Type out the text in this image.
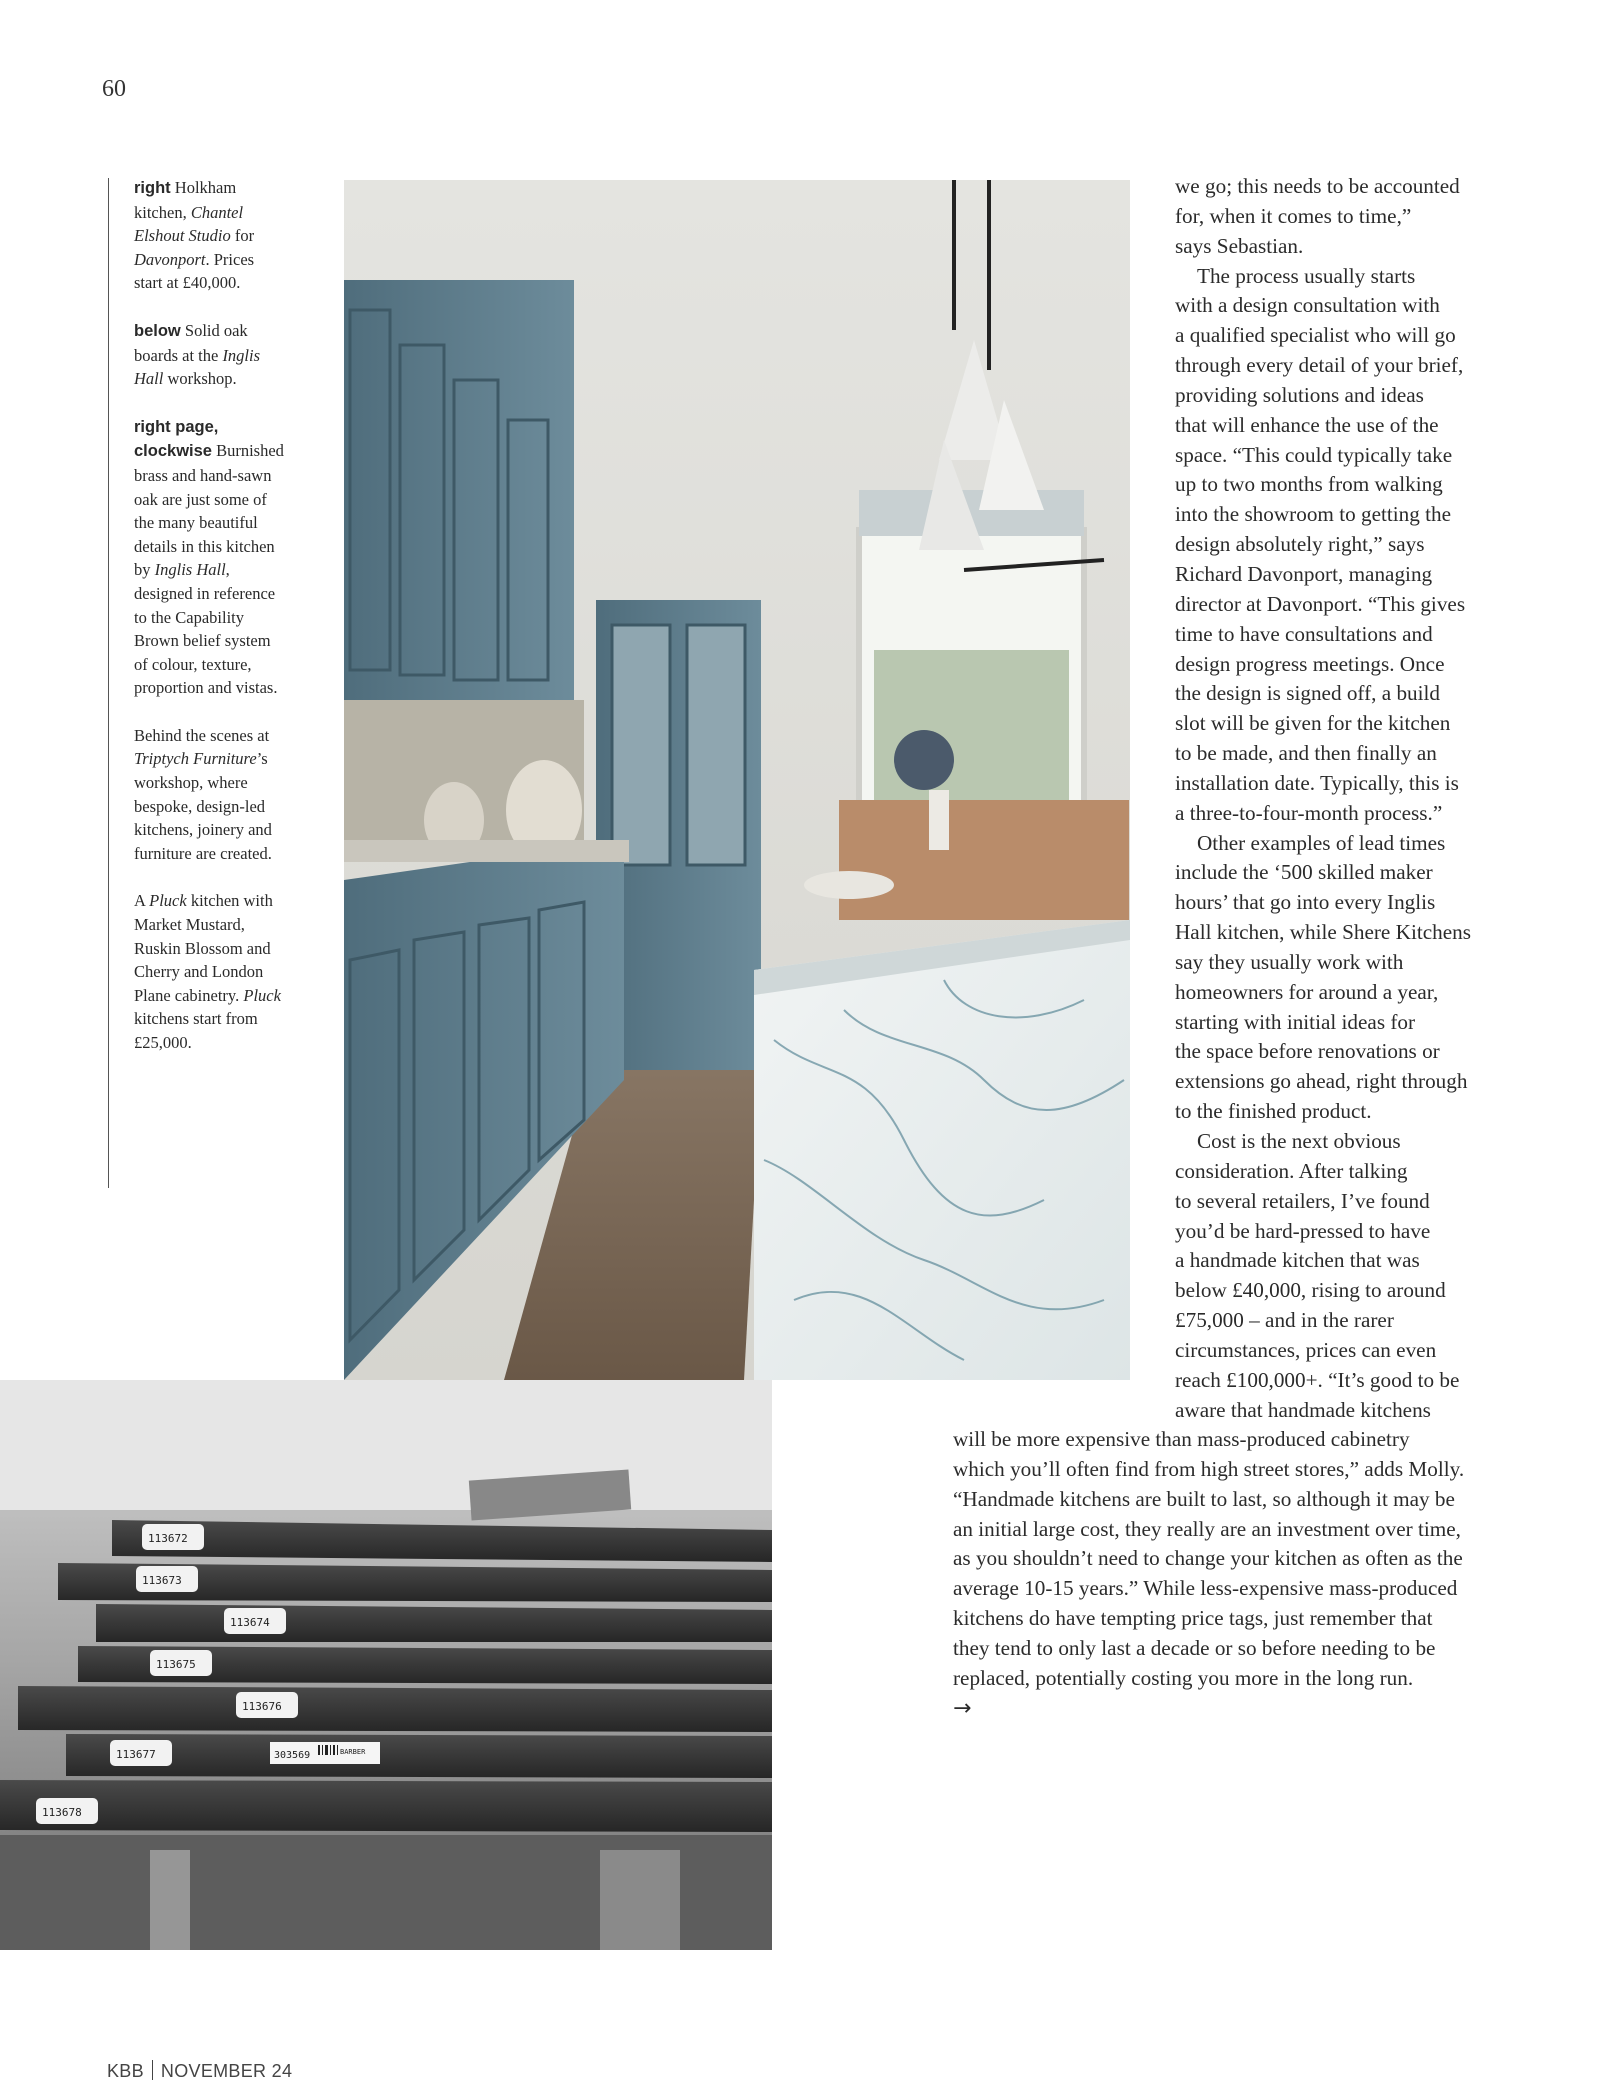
60

right Holkham kitchen, Chantel Elshout Studio for Davonport. Prices start at £40,000.

below Solid oak boards at the Inglis Hall workshop.

right page, clockwise Burnished brass and hand-sawn oak are just some of the many beautiful details in this kitchen by Inglis Hall, designed in reference to the Capability Brown belief system of colour, texture, proportion and vistas.

Behind the scenes at Triptych Furniture’s workshop, where bespoke, design-led kitchens, joinery and furniture are created.

A Pluck kitchen with Market Mustard, Ruskin Blossom and Cherry and London Plane cabinetry. Pluck kitchens start from £25,000.

113672
113673
113674
113675
113676
113677
113678
303569	BARBER
we go; this needs to be accounted
for, when it comes to time,”
says Sebastian.
The process usually starts
with a design consultation with
a qualified specialist who will go
through every detail of your brief,
providing solutions and ideas
that will enhance the use of the
space. “This could typically take
up to two months from walking
into the showroom to getting the
design absolutely right,” says
Richard Davonport, managing
director at Davonport. “This gives
time to have consultations and
design progress meetings. Once
the design is signed off, a build
slot will be given for the kitchen
to be made, and then finally an
installation date. Typically, this is
a three-to-four-month process.”
Other examples of lead times
include the ‘500 skilled maker
hours’ that go into every Inglis
Hall kitchen, while Shere Kitchens
say they usually work with
homeowners for around a year,
starting with initial ideas for
the space before renovations or
extensions go ahead, right through
to the finished product.
Cost is the next obvious
consideration. After talking
to several retailers, I’ve found
you’d be hard-pressed to have
a handmade kitchen that was
below £40,000, rising to around
£75,000 – and in the rarer
circumstances, prices can even
reach £100,000+. “It’s good to be
aware that handmade kitchens
will be more expensive than mass-produced cabinetry
which you’ll often find from high street stores,” adds Molly.
“Handmade kitchens are built to last, so although it may be
an initial large cost, they really are an investment over time,
as you shouldn’t need to change your kitchen as often as the
average 10-15 years.” While less-expensive mass-produced
kitchens do have tempting price tags, just remember that
they tend to only last a decade or so before needing to be
replaced, potentially costing you more in the long run.
→
KBB NOVEMBER 24
